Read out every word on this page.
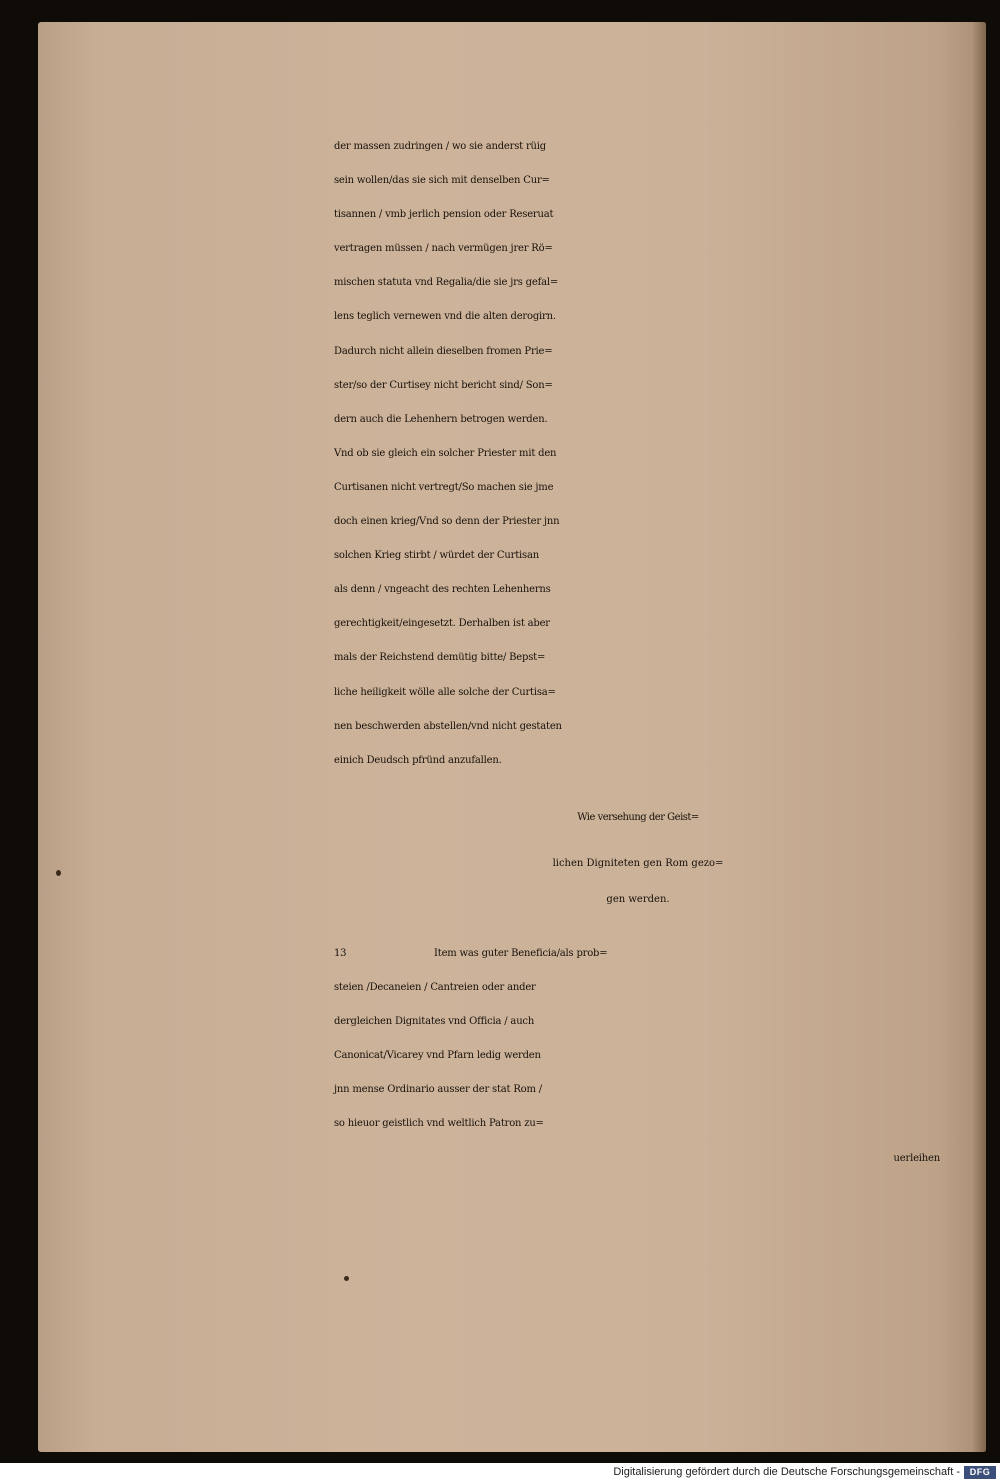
der massen zudringen / wo sie anderst rüig
sein wollen/das sie sich mit denselben Cur=
tisannen / vmb jerlich pension oder Reseruat
vertragen müssen / nach vermügen jrer Rö=
mischen statuta vnd Regalia/die sie jrs gefal=
lens teglich vernewen vnd die alten derogirn.
Dadurch nicht allein dieselben fromen Prie=
ster/so der Curtisey nicht bericht sind/ Son=
dern auch die Lehenhern betrogen werden.
Vnd ob sie gleich ein solcher Priester mit den
Curtisanen nicht vertregt/So machen sie jme
doch einen krieg/Vnd so denn der Priester jnn
solchen Krieg stirbt / würdet der Curtisan
als denn / vngeacht des rechten Lehenherns
gerechtigkeit/eingesetzt. Derhalben ist aber
mals der Reichstend demütig bitte/ Bepst=
liche heiligkeit wölle alle solche der Curtisa=
nen beschwerden abstellen/vnd nicht gestaten
einich Deudsch pfründ anzufallen.
Wie versehung der Geist=
lichen Digniteten gen Rom gezo=
gen werden.
13	Item was guter Beneficia/als prob=
steien /Decaneien / Cantreien oder ander
dergleichen Dignitates vnd Officia / auch
Canonicat/Vicarey vnd Pfarn ledig werden
jnn mense Ordinario ausser der stat Rom /
so hieuor geistlich vnd weltlich Patron zu=
uerleihen
Digitalisierung gefördert durch die Deutsche Forschungsgemeinschaft -	DFG
